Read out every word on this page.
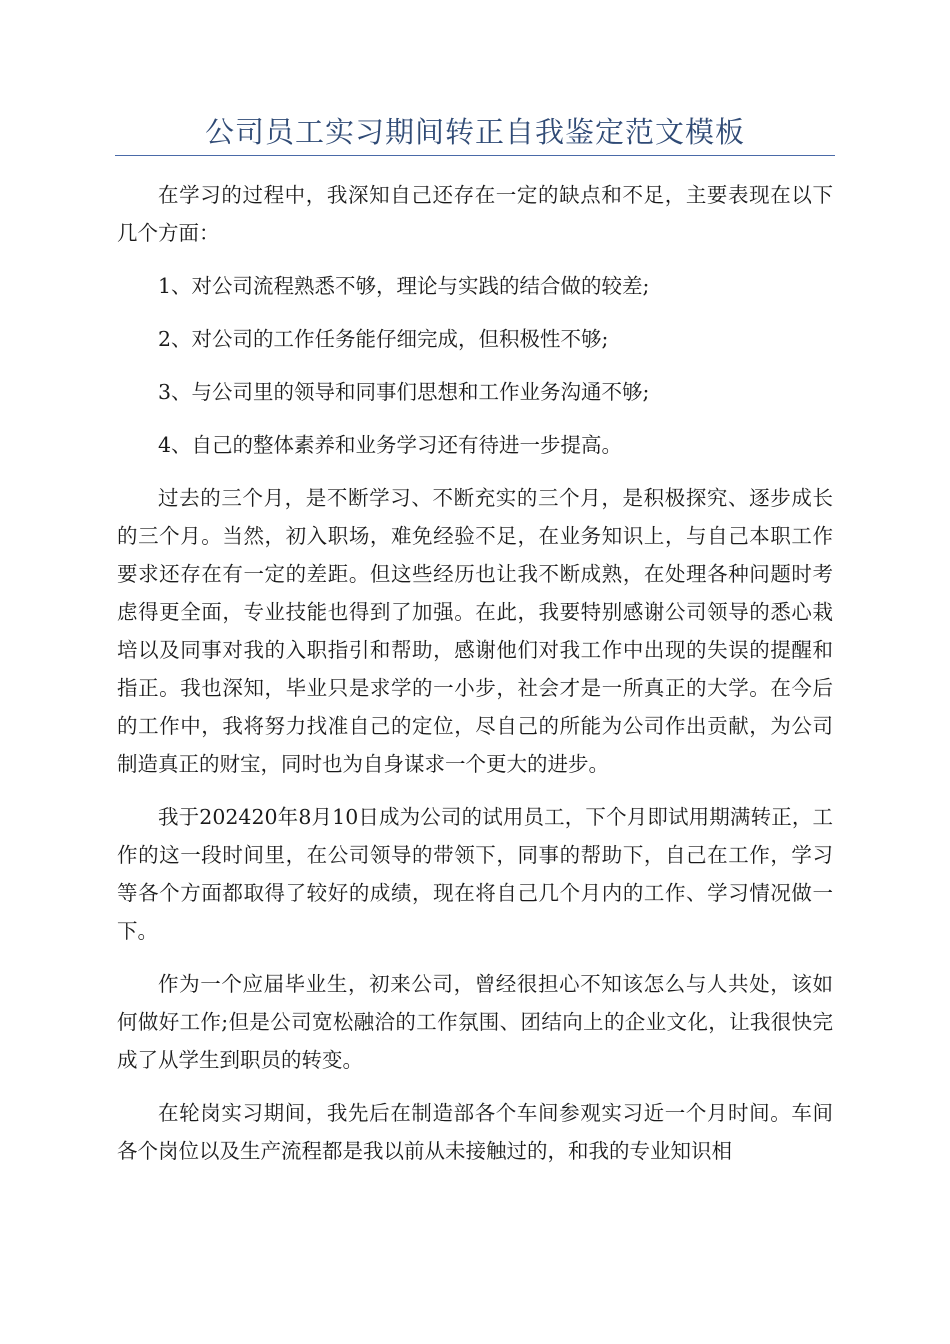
公司员工实习期间转正自我鉴定范文模板

在学习的过程中，我深知自己还存在一定的缺点和不足，主要表现在以下几个方面：

1、对公司流程熟悉不够，理论与实践的结合做的较差;

2、对公司的工作任务能仔细完成，但积极性不够;

3、与公司里的领导和同事们思想和工作业务沟通不够;

4、自己的整体素养和业务学习还有待进一步提高。

过去的三个月，是不断学习、不断充实的三个月，是积极探究、逐步成长的三个月。当然，初入职场，难免经验不足，在业务知识上，与自己本职工作要求还存在有一定的差距。但这些经历也让我不断成熟，在处理各种问题时考虑得更全面，专业技能也得到了加强。在此，我要特别感谢公司领导的悉心栽培以及同事对我的入职指引和帮助，感谢他们对我工作中出现的失误的提醒和指正。我也深知，毕业只是求学的一小步，社会才是一所真正的大学。在今后的工作中，我将努力找准自己的定位，尽自己的所能为公司作出贡献，为公司制造真正的财宝，同时也为自身谋求一个更大的进步。

我于202420年8月10日成为公司的试用员工，下个月即试用期满转正，工作的这一段时间里，在公司领导的带领下，同事的帮助下，自己在工作，学习等各个方面都取得了较好的成绩，现在将自己几个月内的工作、学习情况做一下。

作为一个应届毕业生，初来公司，曾经很担心不知该怎么与人共处，该如何做好工作;但是公司宽松融洽的工作氛围、团结向上的企业文化，让我很快完成了从学生到职员的转变。

在轮岗实习期间，我先后在制造部各个车间参观实习近一个月时间。车间各个岗位以及生产流程都是我以前从未接触过的，和我的专业知识相
